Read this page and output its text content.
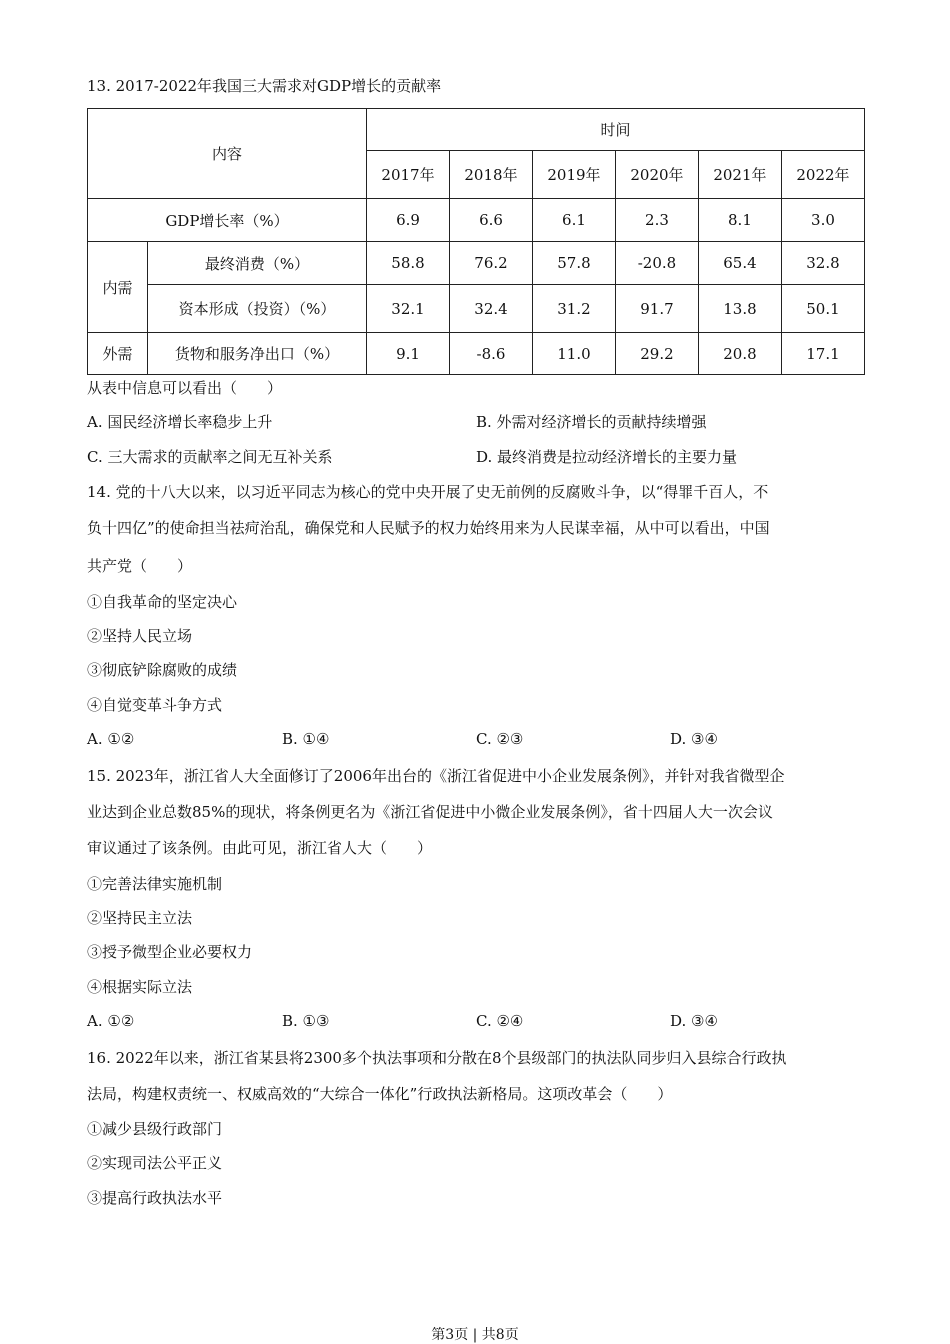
13. 2017-2022年我国三大需求对GDP增长的贡献率
内容		时间					
		2017年	2018年	2019年	2020年	2021年	2022年
GDP增长率（%）		6.9	6.6	6.1	2.3	8.1	3.0
内需	最终消费（%）	58.8	76.2	57.8	-20.8	65.4	32.8
	资本形成（投资）（%）	32.1	32.4	31.2	91.7	13.8	50.1
外需	货物和服务净出口（%）	9.1	-8.6	11.0	29.2	20.8	17.1
从表中信息可以看出（　　）
A. 国民经济增长率稳步上升	B. 外需对经济增长的贡献持续增强
C. 三大需求的贡献率之间无互补关系	D. 最终消费是拉动经济增长的主要力量
14. 党的十八大以来，以习近平同志为核心的党中央开展了史无前例的反腐败斗争，以“得罪千百人，不
负十四亿”的使命担当祛疴治乱，确保党和人民赋予的权力始终用来为人民谋幸福，从中可以看出，中国
共产党（　　）
①自我革命的坚定决心
②坚持人民立场
③彻底铲除腐败的成绩
④自觉变革斗争方式
A. ①②	B. ①④	C. ②③	D. ③④
15. 2023年，浙江省人大全面修订了2006年出台的《浙江省促进中小企业发展条例》，并针对我省微型企
业达到企业总数85%的现状，将条例更名为《浙江省促进中小微企业发展条例》，省十四届人大一次会议
审议通过了该条例。由此可见，浙江省人大（　　）
①完善法律实施机制
②坚持民主立法
③授予微型企业必要权力
④根据实际立法
A. ①②	B. ①③	C. ②④	D. ③④
16. 2022年以来，浙江省某县将2300多个执法事项和分散在8个县级部门的执法队同步归入县综合行政执
法局，构建权责统一、权威高效的“大综合一体化”行政执法新格局。这项改革会（　　）
①减少县级行政部门
②实现司法公平正义
③提高行政执法水平
第3页 | 共8页
